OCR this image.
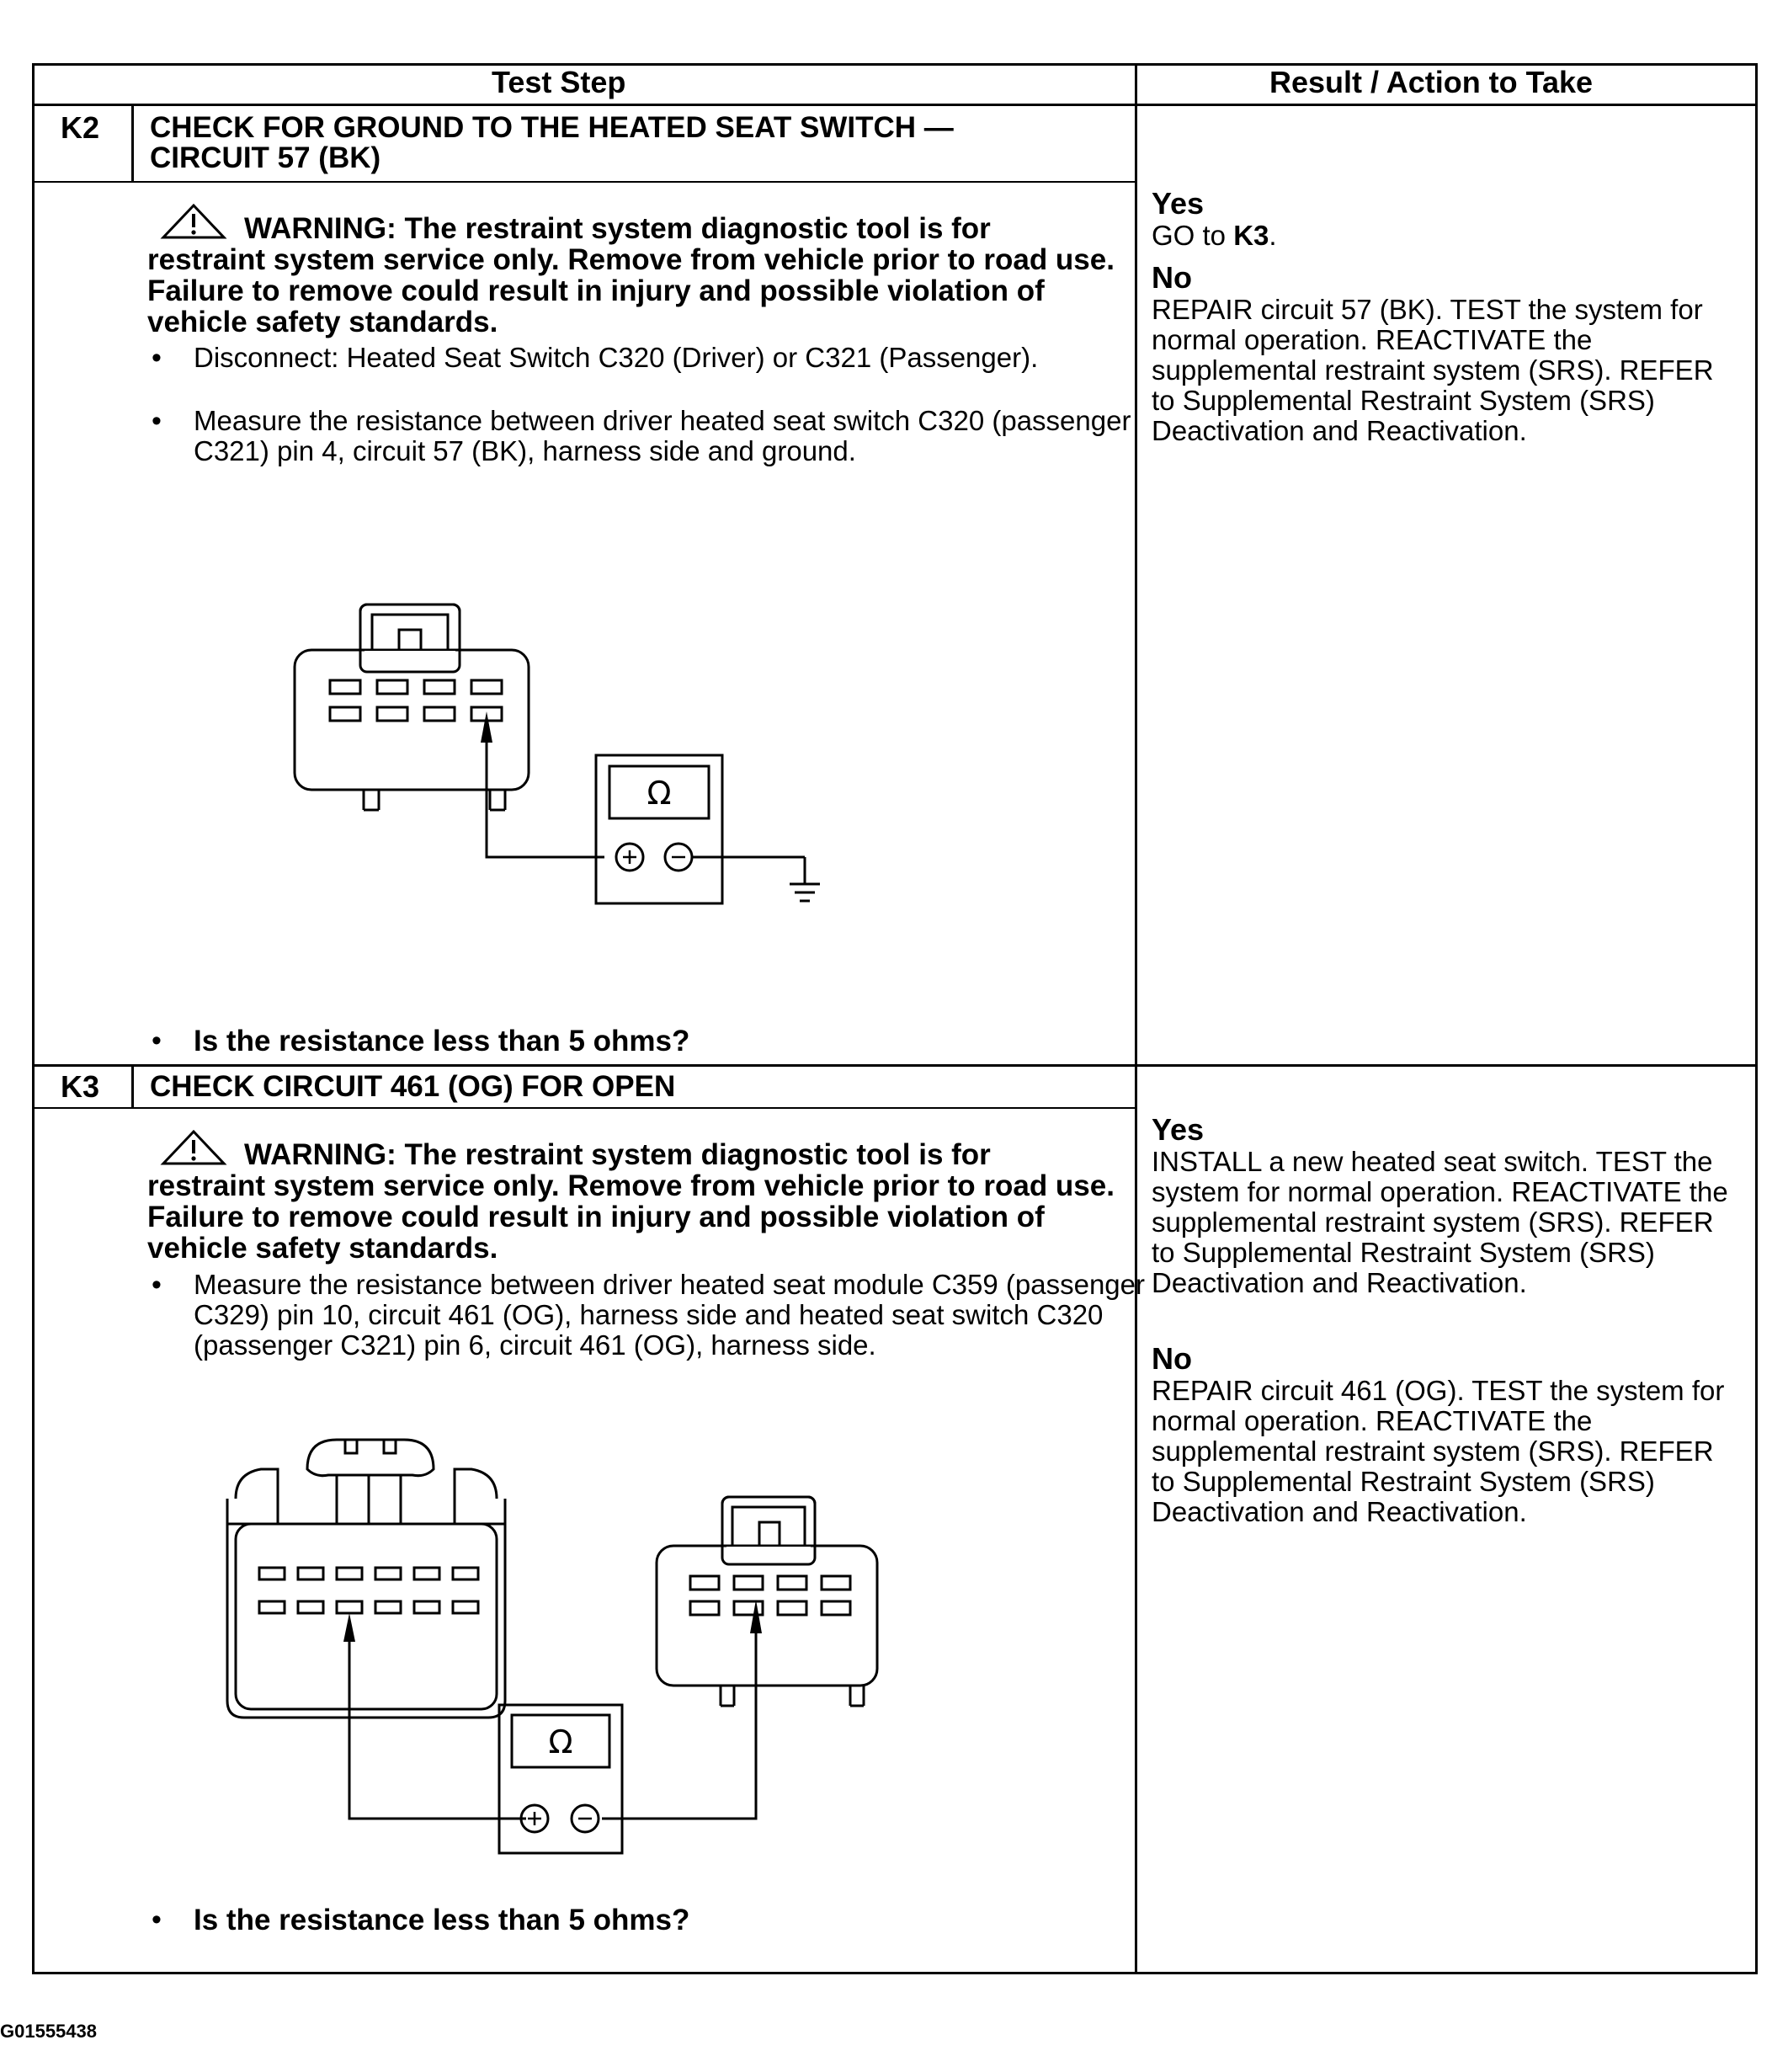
Test Step	Result / Action to Take
K2 CHECK FOR GROUND TO THE HEATED SEAT SWITCH —
CIRCUIT 57 (BK)
WARNING: The restraint system diagnostic tool is for restraint system service only. Remove from vehicle prior to road use. Failure to remove could result in injury and possible violation of vehicle safety standards.
• Disconnect: Heated Seat Switch C320 (Driver) or C321 (Passenger).
• Measure the resistance between driver heated seat switch C320 (passenger C321) pin 4, circuit 57 (BK), harness side and ground.
Ω
• Is the resistance less than 5 ohms?
Yes
GO to K3.
No
REPAIR circuit 57 (BK). TEST the system for normal operation. REACTIVATE the supplemental restraint system (SRS). REFER to Supplemental Restraint System (SRS) Deactivation and Reactivation.
K3 CHECK CIRCUIT 461 (OG) FOR OPEN
WARNING: The restraint system diagnostic tool is for restraint system service only. Remove from vehicle prior to road use. Failure to remove could result in injury and possible violation of vehicle safety standards.
• Measure the resistance between driver heated seat module C359 (passenger C329) pin 10, circuit 461 (OG), harness side and heated seat switch C320 (passenger C321) pin 6, circuit 461 (OG), harness side.
Ω
• Is the resistance less than 5 ohms?
Yes
INSTALL a new heated seat switch. TEST the system for normal operation. REACTIVATE the supplemental restraint system (SRS). REFER to Supplemental Restraint System (SRS) Deactivation and Reactivation.
No
REPAIR circuit 461 (OG). TEST the system for normal operation. REACTIVATE the supplemental restraint system (SRS). REFER to Supplemental Restraint System (SRS) Deactivation and Reactivation.
G01555438
